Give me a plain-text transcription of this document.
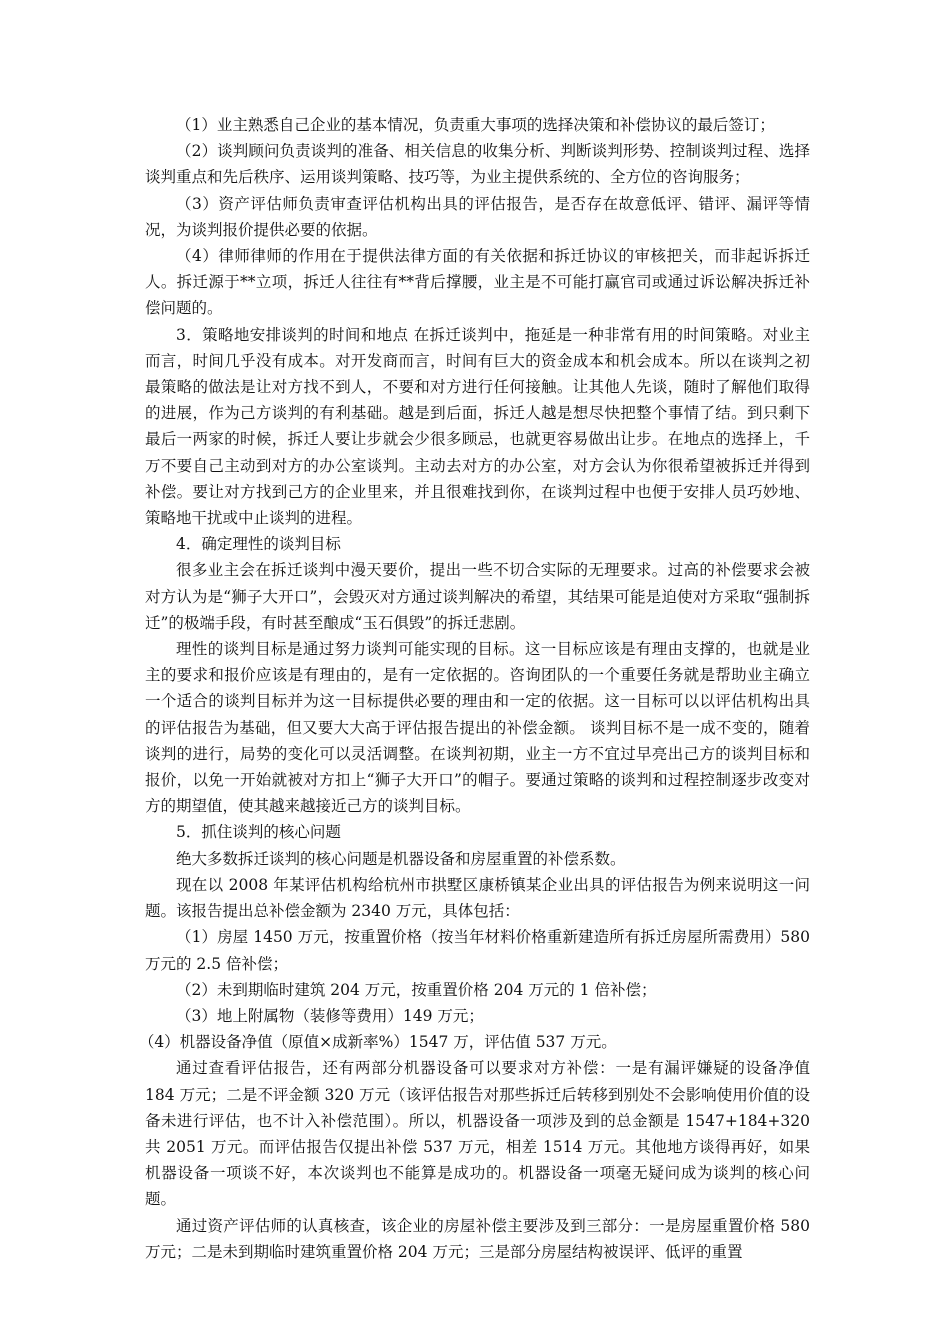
（1）业主熟悉自己企业的基本情况，负责重大事项的选择决策和补偿协议的最后签订；

（2）谈判顾问负责谈判的准备、相关信息的收集分析、判断谈判形势、控制谈判过程、选择谈判重点和先后秩序、运用谈判策略、技巧等，为业主提供系统的、全方位的咨询服务；

（3）资产评估师负责审查评估机构出具的评估报告，是否存在故意低评、错评、漏评等情况，为谈判报价提供必要的依据。

（4）律师律师的作用在于提供法律方面的有关依据和拆迁协议的审核把关，而非起诉拆迁人。拆迁源于**立项，拆迁人往往有**背后撑腰，业主是不可能打赢官司或通过诉讼解决拆迁补偿问题的。

3．策略地安排谈判的时间和地点 在拆迁谈判中，拖延是一种非常有用的时间策略。对业主而言，时间几乎没有成本。对开发商而言，时间有巨大的资金成本和机会成本。所以在谈判之初最策略的做法是让对方找不到人，不要和对方进行任何接触。让其他人先谈，随时了解他们取得的进展，作为己方谈判的有利基础。越是到后面，拆迁人越是想尽快把整个事情了结。到只剩下最后一两家的时候，拆迁人要让步就会少很多顾忌，也就更容易做出让步。在地点的选择上，千万不要自己主动到对方的办公室谈判。主动去对方的办公室，对方会认为你很希望被拆迁并得到补偿。要让对方找到己方的企业里来，并且很难找到你，在谈判过程中也便于安排人员巧妙地、策略地干扰或中止谈判的进程。

4．确定理性的谈判目标

很多业主会在拆迁谈判中漫天要价，提出一些不切合实际的无理要求。过高的补偿要求会被对方认为是“狮子大开口”，会毁灭对方通过谈判解决的希望，其结果可能是迫使对方采取“强制拆迁”的极端手段，有时甚至酿成“玉石俱毁”的拆迁悲剧。

理性的谈判目标是通过努力谈判可能实现的目标。这一目标应该是有理由支撑的，也就是业主的要求和报价应该是有理由的，是有一定依据的。咨询团队的一个重要任务就是帮助业主确立一个适合的谈判目标并为这一目标提供必要的理由和一定的依据。这一目标可以以评估机构出具的评估报告为基础，但又要大大高于评估报告提出的补偿金额。 谈判目标不是一成不变的，随着谈判的进行，局势的变化可以灵活调整。在谈判初期，业主一方不宜过早亮出己方的谈判目标和报价，以免一开始就被对方扣上“狮子大开口”的帽子。要通过策略的谈判和过程控制逐步改变对方的期望值，使其越来越接近己方的谈判目标。

5．抓住谈判的核心问题

绝大多数拆迁谈判的核心问题是机器设备和房屋重置的补偿系数。

现在以 2008 年某评估机构给杭州市拱墅区康桥镇某企业出具的评估报告为例来说明这一问题。该报告提出总补偿金额为 2340 万元，具体包括：

（1）房屋 1450 万元，按重置价格（按当年材料价格重新建造所有拆迁房屋所需费用）580 万元的 2.5 倍补偿；

（2）未到期临时建筑 204 万元，按重置价格 204 万元的 1 倍补偿；

（3）地上附属物（装修等费用）149 万元；

（4）机器设备净值（原值×成新率%）1547 万，评估值 537 万元。

通过查看评估报告，还有两部分机器设备可以要求对方补偿：一是有漏评嫌疑的设备净值 184 万元；二是不评金额 320 万元（该评估报告对那些拆迁后转移到别处不会影响使用价值的设备未进行评估，也不计入补偿范围）。所以，机器设备一项涉及到的总金额是 1547+184+320 共 2051 万元。而评估报告仅提出补偿 537 万元，相差 1514 万元。其他地方谈得再好，如果机器设备一项谈不好，本次谈判也不能算是成功的。机器设备一项毫无疑问成为谈判的核心问题。

通过资产评估师的认真核查，该企业的房屋补偿主要涉及到三部分：一是房屋重置价格 580 万元；二是未到期临时建筑重置价格 204 万元；三是部分房屋结构被误评、低评的重置
